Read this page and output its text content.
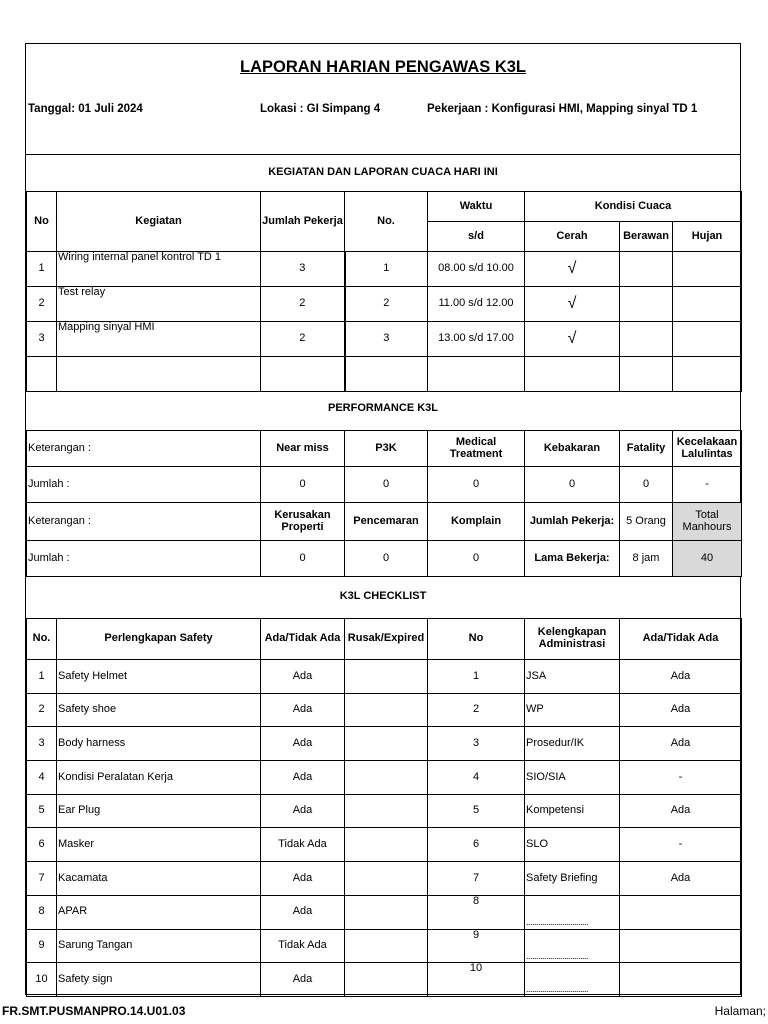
LAPORAN HARIAN PENGAWAS K3L
Tanggal: 01 Juli 2024	Lokasi : GI Simpang 4	Pekerjaan : Konfigurasi HMI, Mapping sinyal TD 1
KEGIATAN DAN LAPORAN CUACA HARI INI
No	Kegiatan	Jumlah Pekerja	No.	Waktu	Kondisi Cuaca		
				s/d	Cerah	Berawan	Hujan
1	Wiring internal panel kontrol TD 1	3	1	08.00 s/d 10.00	√		
2	Test relay	2	2	11.00 s/d 12.00	√		
3	Mapping sinyal HMI	2	3	13.00 s/d 17.00	√		

PERFORMANCE K3L
Keterangan :	Near miss	P3K	Medical Treatment	Kebakaran	Fatality	Kecelakaan Lalulintas
Jumlah :	0	0	0	0	0	-
Keterangan :	Kerusakan Properti	Pencemaran	Komplain	Jumlah Pekerja:	5 Orang	Total Manhours
Jumlah :	0	0	0	Lama Bekerja:	8 jam	40
K3L CHECKLIST
No.	Perlengkapan Safety	Ada/Tidak Ada	Rusak/Expired	No	Kelengkapan Administrasi	Ada/Tidak Ada
1	Safety Helmet	Ada		1	JSA	Ada
2	Safety shoe	Ada		2	WP	Ada
3	Body harness	Ada		3	Prosedur/IK	Ada
4	Kondisi Peralatan Kerja	Ada		4	SIO/SIA	-
5	Ear Plug	Ada		5	Kompetensi	Ada
6	Masker	Tidak Ada		6	SLO	-
7	Kacamata	Ada		7	Safety Briefing	Ada
8	APAR	Ada		8	...............................	
9	Sarung Tangan	Tidak Ada		9	...............................	
10	Safety sign	Ada		10	...............................	
FR.SMT.PUSMANPRO.14.U01.03	Halaman;
